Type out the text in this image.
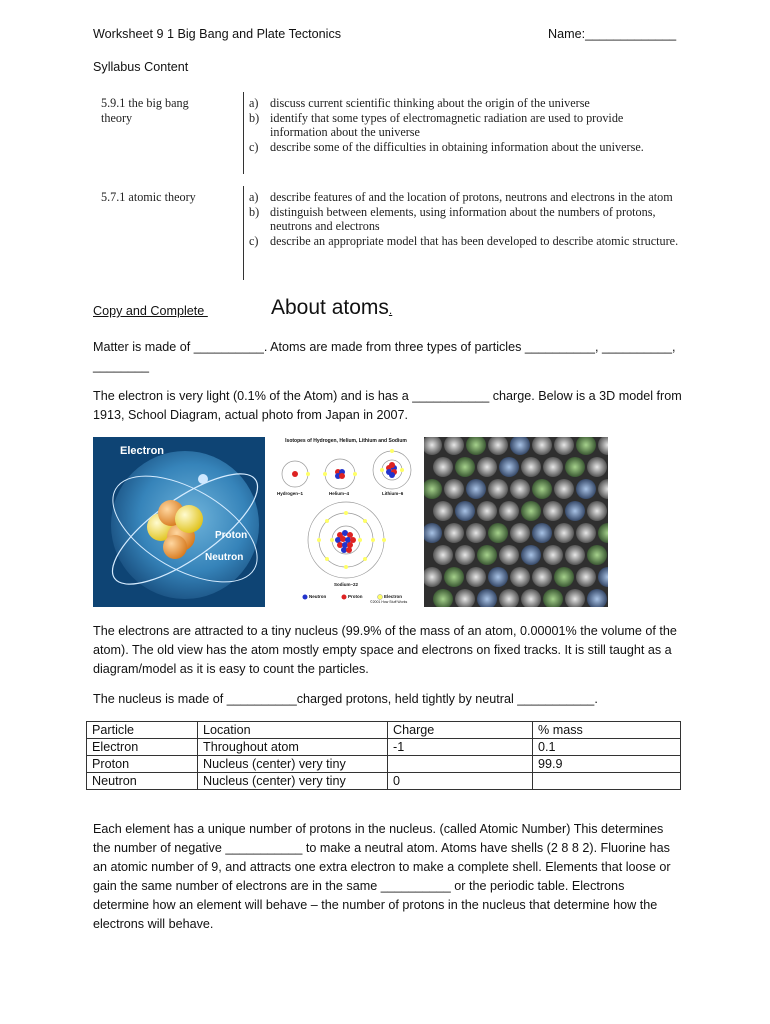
Worksheet 9 1 Big Bang and Plate Tectonics	Name:_____________
Syllabus Content
5.9.1 the big bang theory
a) discuss current scientific thinking about the origin of the universe
b) identify that some types of electromagnetic radiation are used to provide information about the universe
c) describe some of the difficulties in obtaining information about the universe.
5.7.1 atomic theory	a) describe features of and the location of protons, neutrons and electrons in the atom
b) distinguish between elements, using information about the numbers of protons, neutrons and electrons
c) describe an appropriate model that has been developed to describe atomic structure.
Copy and Complete	About atoms.
Matter is made of __________. Atoms are made from three types of particles __________, __________, ________
The electron is very light (0.1% of the Atom) and is has a ___________ charge. Below is a 3D model from 1913, School Diagram, actual photo from Japan in 2007.
Electron
Proton
Neutron
Isotopes of Hydrogen, Helium, Lithium and Sodium
Hydrogen–1	Helium–4	Lithium–6
Sodium–22
Neutron	Proton	Electron
©2001 How Stuff Works
The electrons are attracted to a tiny nucleus (99.9% of the mass of an atom, 0.00001% the volume of the atom). The old view has the atom mostly empty space and electrons on fixed tracks. It is still taught as a diagram/model as it is easy to count the particles.
The nucleus is made of __________charged protons, held tightly by neutral ___________.
Particle	Location	Charge	% mass
Electron	Throughout atom	-1	0.1
Proton	Nucleus (center) very tiny		99.9
Neutron	Nucleus (center) very tiny	0	
Each element has a unique number of protons in the nucleus. (called Atomic Number) This determines the number of negative ___________ to make a neutral atom. Atoms have shells (2 8 8 2). Fluorine has an atomic number of 9, and attracts one extra electron to make a complete shell. Elements that loose or gain the same number of electrons are in the same __________ or the periodic table. Electrons determine how an element will behave – the number of protons in the nucleus that determine how the electrons will behave.
